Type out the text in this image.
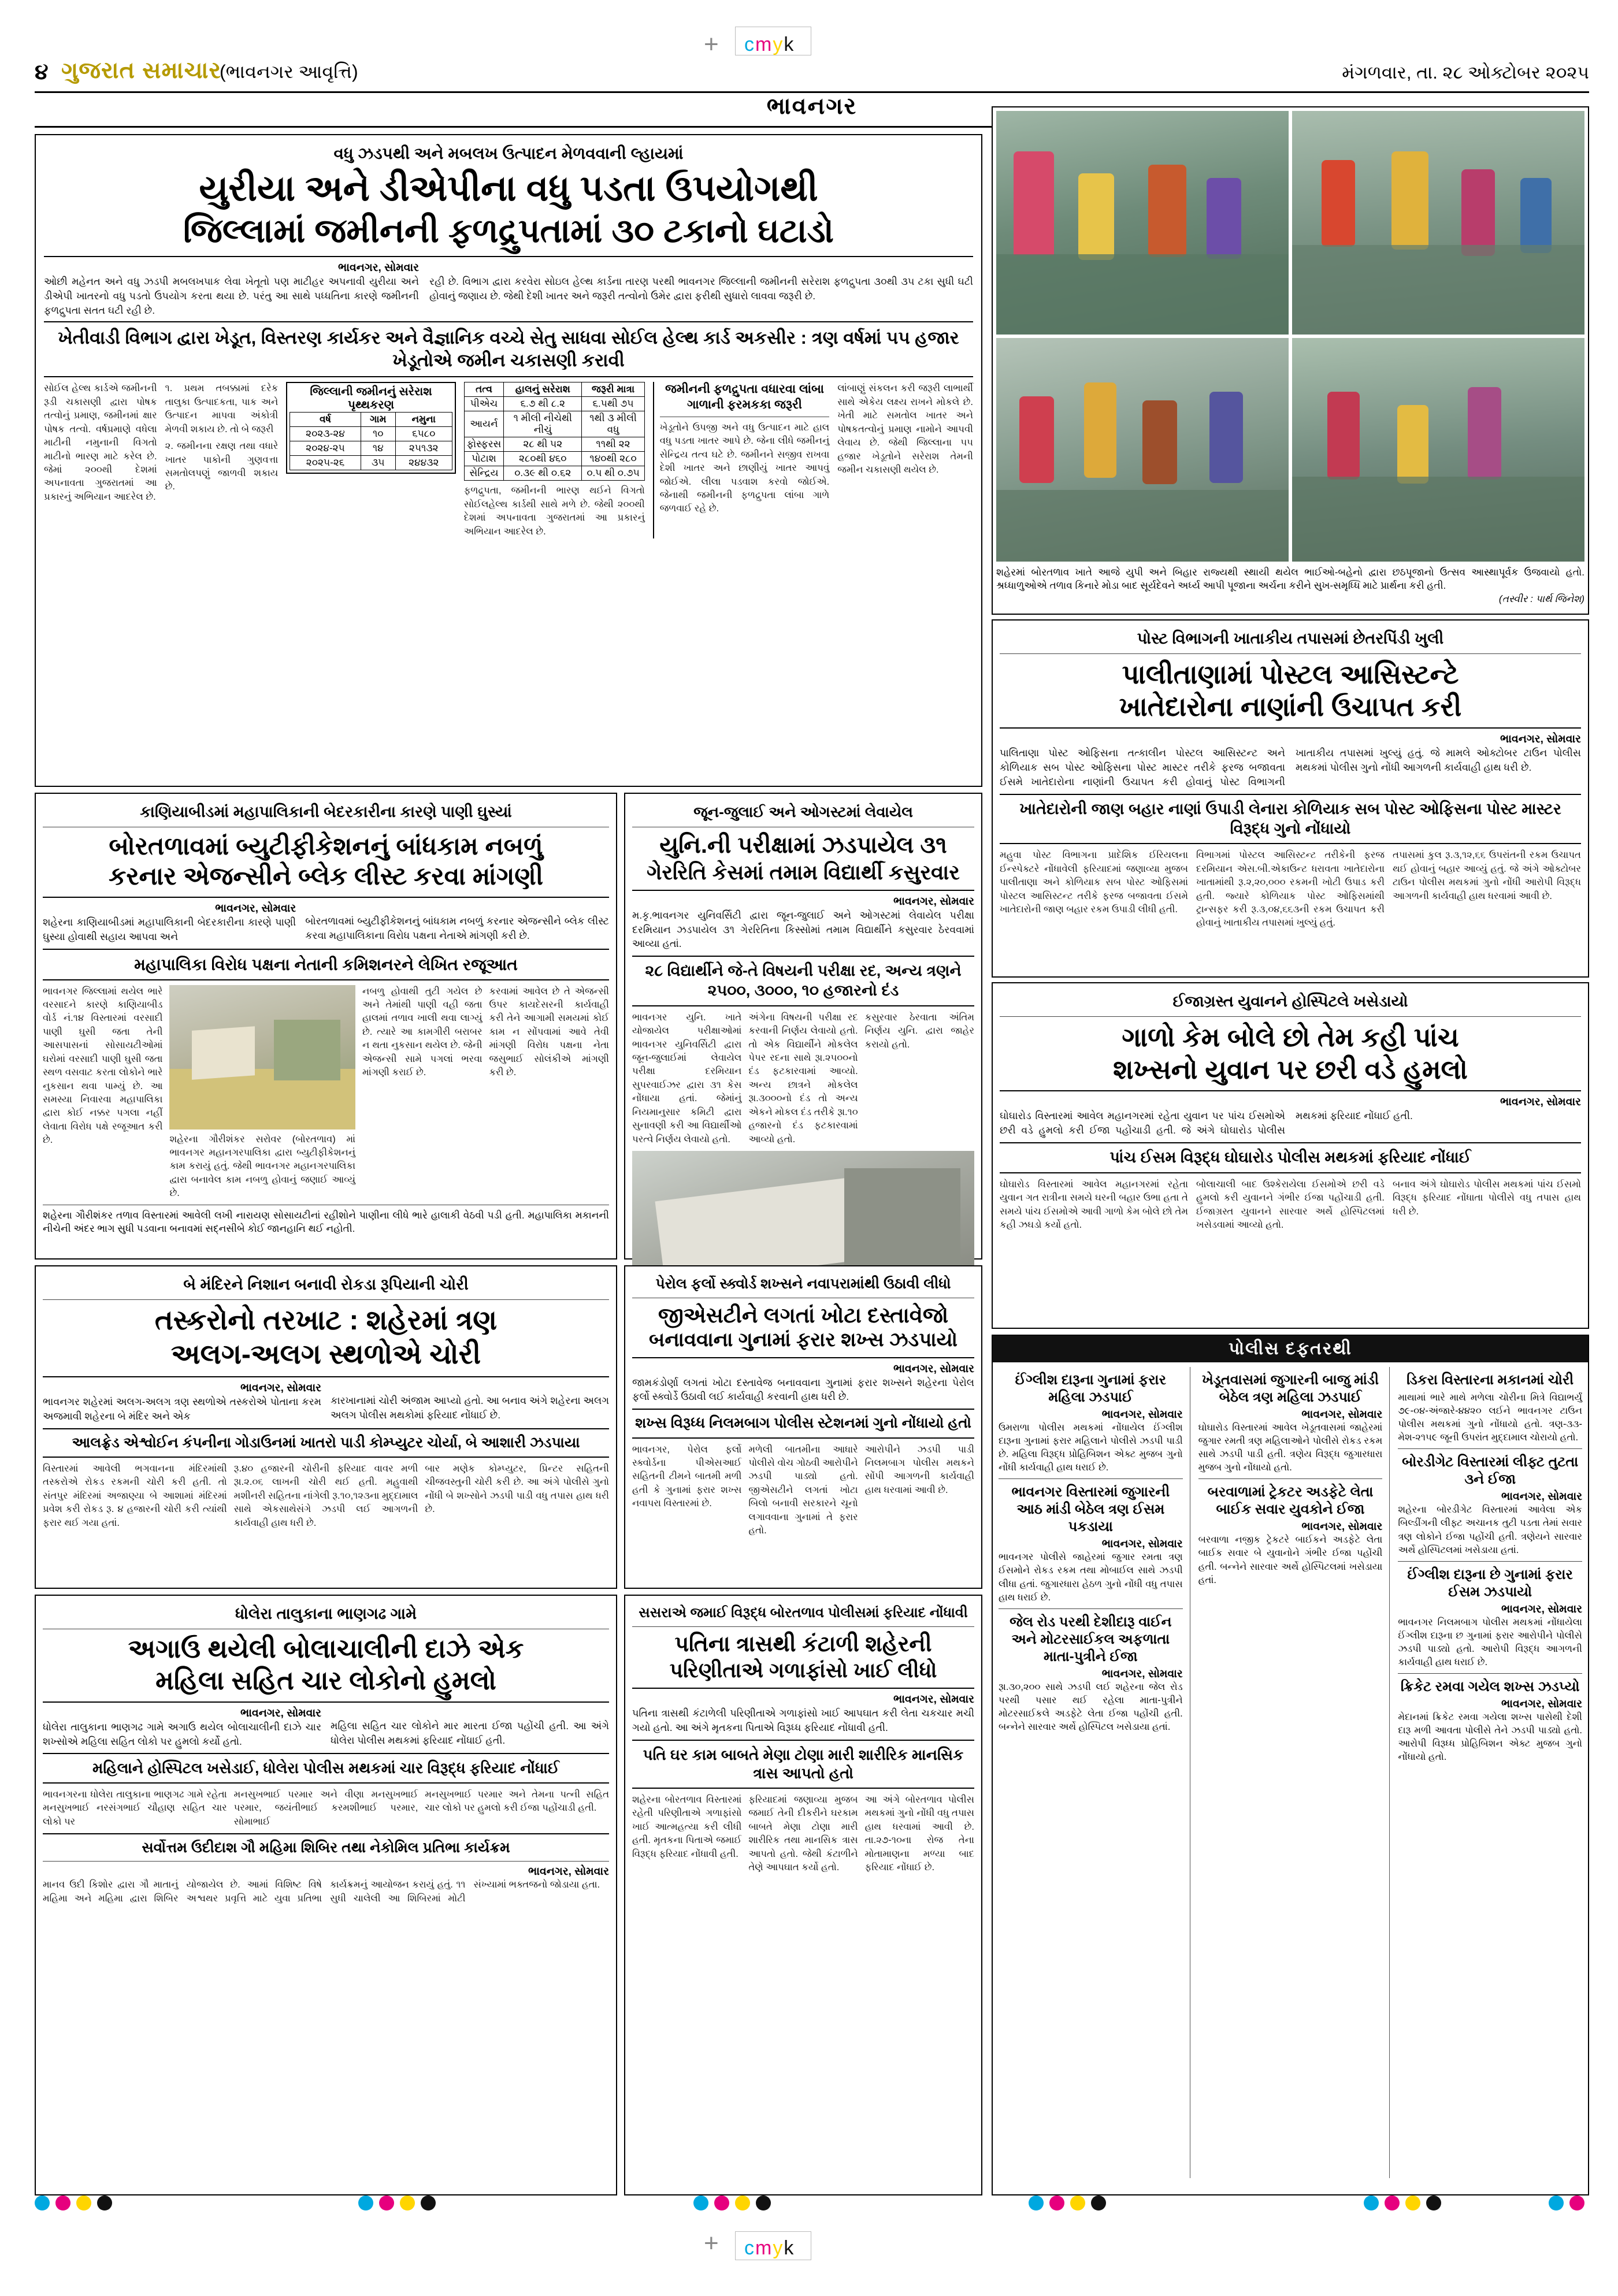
+ cmyk
૪ ગુજરાત સમાચાર
(ભાવનગર આવૃત્તિ)	મંગળવાર, તા. ૨૮ ઓક્ટોબર ૨૦૨૫
ભાવનગર
વધુ ઝડપથી અને મબલખ ઉત્પાદન મેળવવાની લ્હાયમાં
યુરીયા અને ડીએપીના વધુ પડતા ઉપયોગથી
જિલ્લામાં જમીનની ફળદ્રુપતામાં ૩૦ ટકાનો ઘટાડો
ભાવનગર, સોમવાર
ઓછી મહેનત અને વધુ ઝડપી મબલખપાક લેવા ખેતૂતો પણ માટીહર અપનાવી યુરીયા અને ડીએપી ખાતરનો વધુ પડતો ઉપયોગ કરતા થયા છે. પરંતુ આ સાથે પધ્ધતિના કારણે જમીનની ફળદ્રુપતા સતત ઘટી રહી છે.
રહી છે. વિભાગ દ્વારા કરવેરા સોઇલ હેલ્થ કાર્ડના તારણ પરથી ભાવનગર જિલ્લાની જમીનની સરેરાશ ફળદ્રુપતા ૩૦થી ૩૫ ટકા સુધી ઘટી હોવાનું જણાય છે. જેથી દેશી ખાતર અને જરૂરી તત્વોનો ઉમેર દ્વારા ફરીથી સુધારો લાવવા જરૂરી છે.
ખેતીવાડી વિભાગ દ્વારા ખેડૂત, વિસ્તરણ કાર્યકર અને વૈજ્ઞાનિક વચ્ચે સેતુ સાધવા સોઈલ હેલ્થ કાર્ડ અકસીર : ત્રણ વર્ષમાં ૫૫ હજાર ખેડૂતોએ જમીન ચકાસણી કરાવી
સોઈલ હેલ્થ કાર્ડએ જમીનની રૂડી ચકાસણી દ્વારા પોષક તત્વોનું પ્રમાણ, જમીનમાં ક્ષાર પોષક તત્વો. વર્ષપ્રમાણે વધેલા માટીની નમુનાની વિગતો માટીનો ભારણ માટે કરેલ છે. જેમાં ૨૦૦થી દેશમાં અપનાવતા ગુજરાતમાં આ પ્રકારનું અભિયાન આદરેલ છે.
૧. પ્રથમ તબક્કામાં દરેક તાલુકા ઉત્પાદકતા, પાક અને ઉત્પાદન માપવા અંકોત્રી મેળવી શકાય છે. તો બે જરૂરી
૨. જમીનના રક્ષણ તથા વધારે ખાતર પાકોની ગુણવત્તા સમતોલપણું જાળવી શકાય છે.
જિલ્લાની જમીનનું સરેરાશ પૃથ્થકરણ
વર્ષ	ગામ	નમુના
૨૦૨૩-૨૪	૧૦	૬૫૮૦
૨૦૨૪-૨૫	૧૪	૨૫૧૩૨
૨૦૨૫-૨૬	૩૫	૨૪૪૩૨
તત્વ	હાલનું સરેરાશ	જરૂરી માત્રા
પીએચ	૬.૭ થી ૮.૨	૬.૫થી ૭૫
આયર્ન	૧ મીલી નીચેથી નીચું	૧થી ૩ મીલી વધુ
ફોસ્ફરસ	૨૮ થી ૫૨	૧૧થી ૨૨
પોટાશ	૨૮૦થી ૪૬૦	૧૪૦થી ૨૮૦
સેન્દ્રિય	૦.૩૯ થી ૦.૬૨	૦.૫ થી ૦.૭૫
ફળદ્રુપતા, જમીનની ભારણ થઈને વિગતો સોઈલહેલ્થ કાર્ડથી સાથે મળે છે. જેથી ૨૦૦થી દેશમાં અપનાવતા ગુજરાતમાં આ પ્રકારનું અભિયાન આદરેલ છે.
જમીનની ફળદ્રુપતા વધારવા લાંબા ગાળાની ફરમકકા જરૂરી
ખેડૂતોને ઉપજી અને વધુ ઉત્પાદન માટે હાલ વધુ પડતા ખાતર આપે છે. જેના લીધે જમીનનું સેન્દ્રિય તત્વ ઘટે છે. જમીનને સજીવ રાખવા દેશી ખાતર અને છાણીયું ખાતર આપવું જોઈએ. લીલા પડવાશ કરવો જોઈએ. જેનાથી જમીનની ફળદ્રુપતા લાંબા ગાળે જળવાઈ રહે છે.
લાંબાણું સંકલન કરી જરૂરી લાભાર્થી સાથે એકેય લક્ષ્ય રાખને મોકલે છે. ખેતી માટે સમતોલ ખાતર અને પોષકતત્વોનું પ્રમાણ નામોને આપવી લેવાય છે. જેથી જિલ્લાના ૫૫ હજાર ખેડૂતોને સરેરાશ તેમની જમીન ચકાસણી થયેલ છે.
શહેરમાં બોરતળાવ ખાતે આજે યુપી અને બિહાર રાજ્યથી સ્થાયી થયેલ ભાઈઓ-બહેનો દ્વારા છઠપૂજાનો ઉત્સવ આસ્થાપૂર્વક ઉજવાયો હતો. શ્રધ્ધાળુઓએ તળાવ કિનારે મોડા બાદ સૂર્યદેવને અર્ધ્ય આપી પૂજાના અર્ચના કરીને સુખ-સમૃધ્ધિ માટે પ્રાર્થના કરી હતી.
(તસ્વીર : પાર્થ જિનેશ)
પોસ્ટ વિભાગની ખાતાકીય તપાસમાં છેતરપિંડી ખુલી
પાલીતાણામાં પોસ્ટલ આસિસ્ટન્ટે
ખાતેદારોના નાણાંની ઉચાપત કરી
ભાવનગર, સોમવાર
પાલિતાણા પોસ્ટ ઓફિસના તત્કાલીન પોસ્ટલ આસિસ્ટન્ટ અને કોળિયાક સબ પોસ્ટ ઓફિસના પોસ્ટ માસ્ટર તરીકે ફરજ બજાવતા ઈસમે ખાતેદારોના નાણાંની ઉચાપત કરી હોવાનું પોસ્ટ વિભાગની ખાતાકીય તપાસમાં ખુલ્યું હતું. જે મામલે ઓક્ટોબર ટાઉન પોલીસ મથકમાં પોલીસ ગુનો નોંધી આગળની કાર્યવાહી હાથ ધરી છે.
ખાતેદારોની જાણ બહાર નાણાં ઉપાડી લેનારા કોળિયાક સબ પોસ્ટ ઓફિસના પોસ્ટ માસ્ટર વિરૂદ્ધ ગુનો નોંધાયો
મહુવા પોસ્ટ વિભાગના પ્રાદેશિક ઈરિયલના ઈન્સ્પેક્ટરે નોંધાવેલી ફરિયાદમાં જણાવ્યા મુજબ પાલીતાણા અને કોળિયાક સબ પોસ્ટ ઓફિસમાં પોસ્ટલ આસિસ્ટન્ટ તરીકે ફરજ બજાવતા ઈસમે ખાતેદારોની જાણ બહાર રકમ ઉપાડી લીધી હતી.
વિભાગમાં પોસ્ટલ આસિસ્ટન્ટ તરીકેની ફરજ દરમિયાન એસ.બી.એકાઉન્ટ ધરાવતા ખાતેદારોના ખાતામાંથી રૂ.૨,૨૦,૦૦૦ રકમની ખોટી ઉપાડ કરી હતી. જ્યારે કોળિયાક પોસ્ટ ઓફિસમાંથી ટ્રાન્સફર કરી રૂ.૩,૦૪,૬૬૩ની રકમ ઉચાપત કરી હોવાનું ખાતાકીય તપાસમાં ખુલ્યું હતું.
તપાસમાં કુલ રૂ.૩,૧૨,૬૬ ઉપરાંતની રકમ ઉચાપત થઈ હોવાનું બહાર આવ્યું હતું. જે અંગે ઓક્ટોબર ટાઉન પોલીસ મથકમાં ગુનો નોંધી આરોપી વિરૂદ્ધ આગળની કાર્યવાહી હાથ ધરવામાં આવી છે.
ઈજાગ્રસ્ત યુવાનને હોસ્પિટલે ખસેડાયો
ગાળો કેમ બોલે છો તેમ કહી પાંચ
શખ્સનો યુવાન પર છરી વડે હુમલો
ભાવનગર, સોમવાર
ઘોઘારોડ વિસ્તારમાં આવેલ મહાનગરમાં રહેતા યુવાન પર પાંચ ઈસમોએ છરી વડે હુમલો કરી ઈજા પહોંચાડી હતી. જે અંગે ઘોઘારોડ પોલીસ મથકમાં ફરિયાદ નોંધાઈ હતી.
પાંચ ઈસમ વિરૂદ્ધ ઘોઘારોડ પોલીસ મથકમાં ફરિયાદ નોંધાઈ
ઘોઘારોડ વિસ્તારમાં આવેલ મહાનગરમાં રહેતા યુવાન ગત રાત્રીના સમયે ઘરની બહાર ઉભા હતા તે સમયે પાંચ ઈસમોએ આવી ગાળો કેમ બોલે છો તેમ કહી ઝઘડો કર્યો હતો.
બોલાચાલી બાદ ઉશ્કેરાયેલા ઈસમોએ છરી વડે હુમલો કરી યુવાનને ગંભીર ઈજા પહોંચાડી હતી. ઈજાગ્રસ્ત યુવાનને સારવાર અર્થે હોસ્પિટલમાં ખસેડવામાં આવ્યો હતો.
બનાવ અંગે ઘોઘારોડ પોલીસ મથકમાં પાંચ ઈસમો વિરૂદ્ધ ફરિયાદ નોંધાતા પોલીસે વધુ તપાસ હાથ ધરી છે.
કાણિયાબીડમાં મહાપાલિકાની બેદરકારીના કારણે પાણી ઘુસ્યાં
બોરતળાવમાં બ્યુટીફીકેશનનું બાંધકામ નબળું
કરનાર એજન્સીને બ્લેક લીસ્ટ કરવા માંગણી
ભાવનગર, સોમવાર
શહેરના કાણિયાબીડમાં મહાપાલિકાની બેદરકારીના કારણે પાણી ઘુસ્યા હોવાથી સહાય આપવા અને
બોરતળાવમાં બ્યુટીફીકેશનનું બાંધકામ નબળું કરનાર એજન્સીને બ્લેક લીસ્ટ કરવા મહાપાલિકાના વિરોધ પક્ષના નેતાએ માંગણી કરી છે.
મહાપાલિકા વિરોધ પક્ષના નેતાની કમિશનરને લેખિત રજૂઆત
ભાવનગર જિલ્લામાં થયેલ ભારે વરસાદને કારણે કાણિયાબીડ વોર્ડ નં.૧૪ વિસ્તારમાં વરસાદી પાણી ઘુસી જતા તેની આસપાસનાં સોસાયટીઓમાં ઘરોમાં વરસાદી પાણી ઘુસી જતા સ્થળ વસવાટ કરતા લોકોને ભારે નુકસાન થવા પામ્યું છે. આ સમસ્યા નિવારવા મહાપાલિકા દ્વારા કોઈ નક્કર પગલા નહીં લેવાતા વિરોધ પક્ષે રજૂઆત કરી છે.	શહેરના ગૌરીશંકર સરોવર (બોરતળાવ) માં ભાવનગર મહાનગરપાલિકા દ્વારા બ્યુટીફીકેશનનું કામ કરાયું હતું. જેથી ભાવનગર મહાનગરપાલિકા દ્વારા બનાવેલ કામ નબળુ હોવાનું જણાઈ આવ્યું છે.
નબળુ હોવાથી તુટી ગયેલ છે અને તેમાંથી પાણી વહી જતા હાલમાં તળાવ ખાલી થવા લાગ્યું છે. ત્યારે આ કામગીરી બરાબર ન થતા નુકસાન થયેલ છે. જેની એજન્સી સામે પગલાં ભરવા માંગણી કરાઈ છે.
કરવામાં આવેલ છે તે એજન્સી ઉપર કાયદેસરની કાર્યવાહી કરી તેને આગામી સમયમાં કોઈ કામ ન સોંપવામાં આવે તેવી માંગણી વિરોધ પક્ષના નેતા જસુભાઈ સોલંકીએ માંગણી કરી છે.
શહેરના ગૌરીશંકર તળાવ વિસ્તારમાં આવેલી લખી નારાયણ સોસાયટીનાં રહીશોને પાણીના લીધે ભારે હાલાકી વેઠવી પડી હતી. મહાપાલિકા મકાનની નીચેની અંદર ભાગ સુધી પડવાના બનાવમાં સદ્નસીબે કોઈ જાનહાનિ થઈ નહોતી.
જૂન-જુલાઈ અને ઓગસ્ટમાં લેવાયેલ
યુનિ.ની પરીક્ષામાં ઝડપાયેલ ૩૧
ગેરરિતિ કેસમાં તમામ વિદ્યાર્થી કસુરવાર
ભાવનગર, સોમવાર
મ.કૃ.ભાવનગર યુનિવર્સિટી દ્વારા જૂન-જુલાઈ અને ઓગસ્ટમાં લેવાયેલ પરીક્ષા દરમિયાન ઝડપાયેલ ૩૧ ગેરરિતિના કિસ્સોમાં તમામ વિદ્યાર્થીને કસુરવાર ઠેરવવામાં આવ્યા હતાં.
૨૮ વિદ્યાર્થીને જે-તે વિષયની પરીક્ષા રદ, અન્ય ત્રણને ૨૫૦૦, ૩૦૦૦, ૧૦ હજારનો દંડ
ભાવનગર યુનિ. ખાતે યોજાયેલ પરીક્ષાઓમાં ભાવનગર યુનિવર્સિટી દ્વારા જૂન-જુલાઈમાં લેવાયેલ પરીક્ષા દરમિયાન સુપરવાઈઝર દ્વારા ૩૧ કેસ નોંધાયા હતાં. જેમાંનું નિયમાનુસાર કમિટી દ્વારા સુનાવણી કરી આ વિદ્યાર્થીઓ પરત્વે નિર્ણય લેવાયો હતો.
અંગેના વિષયની પરીક્ષા રદ કરવાની નિર્ણય લેવાયો હતો. તો એક વિદ્યાર્થીને મોકલેલ પેપર રદના સાથે રૂા.૨૫૦૦નો દંડ ફટકારવામાં આવ્યો. અન્ય છાત્રને મોકલેલ રૂા.૩૦૦૦નો દંડ તો અન્ય એકને મોકલ દંડ તરીકે રૂા.૧૦ હજારનો દંડ ફટકારવામાં આવ્યો હતો.
કસુરવાર ઠેરવાતા અંતિમ નિર્ણય યુનિ. દ્વારા જાહેર કરાયો હતો.
બે મંદિરને નિશાન બનાવી રોકડા રૂપિયાની ચોરી
તસ્કરોનો તરખાટ : શહેરમાં ત્રણ
અલગ-અલગ સ્થળોએ ચોરી
ભાવનગર, સોમવાર
ભાવનગર શહેરમાં અલગ-અલગ ત્રણ સ્થળોએ તસ્કરોએ પોતાના કરમ અજમાવી શહેરના બે મંદિર અને એક
કારખાનામાં ચોરી અંજામ આપ્યો હતો. આ બનાવ અંગે શહેરના અલગ અલગ પોલીસ મથકોમાં ફરિયાદ નોંધાઈ છે.
આલફ્રેડ એશ્વોઈન કંપનીના ગોડાઉનમાં ખાતરો પાડી કોમ્પ્યુટર ચોર્યા, બે આશારી ઝડપાયા
વિસ્તારમાં આવેલી ભગવાનના મંદિરમાંથી તસ્કરોએ રોકડ રકમની ચોરી કરી હતી. તો સંતપુર મંદિરમાં અજાણ્યા બે આશામાં મંદિરમાં પ્રવેશ કરી રોકડ રૂ. ૪ હજારની ચોરી કરી ત્યાંથી ફરાર થઈ ગયા હતાં.
રૂ.૪૦ હજારની ચોરીની ફરિયાદ વાવર મળી રૂા.૨.૦૬ લાખની ચોરી થઈ હતી. મહુવાથી મશીનરી સહિતના નાંગેલી રૂ.૧૦,૧૨૩ના મુદ્દામાલ સાથે એકસાથેસંગે ઝડપી લઈ આગળની કાર્યવાહી હાથ ધરી છે.
બાર મણેક કોમ્પ્યુટર, પ્રિન્ટર સહિતની ચીજવસ્તુની ચોરી કરી છે. આ અંગે પોલીસે ગુનો નોંધી બે શખ્સોને ઝડપી પાડી વધુ તપાસ હાથ ધરી છે.
પેરોલ ફર્લો સ્ક્વોર્ડ શખ્સને નવાપરામાંથી ઉઠાવી લીધો
જીએસટીને લગતાં ખોટા દસ્તાવેજો
બનાવવાના ગુનામાં ફરાર શખ્સ ઝડપાયો
ભાવનગર, સોમવાર
જામકંડોર્ણા લગતાં ખોટા દસ્તાવેજ બનાવવાના ગુનામાં ફરાર શખ્સને શહેરના પેરોલ ફર્લો સ્ક્વોર્ડે ઉઠાવી લઈ કાર્યવાહી કરવાની હાથ ધરી છે.
શખ્સ વિરૂધ્ધ નિલમબાગ પોલીસ સ્ટેશનમાં ગુનો નોંધાયો હતો
ભાવનગર, પેરોલ ફર્લો સ્ક્વોર્ડના પીએસઆઈ સહિતની ટીમને બાતમી મળી હતી કે ગુનામાં ફરાર શખ્સ નવાપરા વિસ્તારમાં છે.
મળેલી બાતમીના આધારે પોલીસે વોચ ગોઠવી આરોપીને ઝડપી પાડ્યો હતો. જીએસટીને લગતાં ખોટા બિલો બનાવી સરકારને ચૂનો લગાવવાના ગુનામાં તે ફરાર હતો.
આરોપીને ઝડપી પાડી નિલમબાગ પોલીસ મથકને સોંપી આગળની કાર્યવાહી હાથ ધરવામાં આવી છે.
ધોલેરા તાલુકાના ભાણગઢ ગામે
અગાઉ થયેલી બોલાચાલીની દાઝે એક
મહિલા સહિત ચાર લોકોનો હુમલો
ભાવનગર, સોમવાર
ધોલેરા તાલુકાના ભાણગઢ ગામે અગાઉ થયેલ બોલાચાલીની દાઝે ચાર શખ્સોએ મહિલા સહિત લોકો પર હુમલો કર્યો હતો.
મહિલા સહિત ચાર લોકોને માર મારતા ઈજા પહોંચી હતી. આ અંગે ધોલેરા પોલીસ મથકમાં ફરિયાદ નોંધાઈ હતી.
મહિલાને હોસ્પિટલ ખસેડાઈ, ધોલેરા પોલીસ મથકમાં ચાર વિરૂદ્ધ ફરિયાદ નોંધાઈ
ભાવનગરના ધોલેરા તાલુકાના ભાણગઢ ગામે રહેતા મનસુખભાઈ નરસંગભાઈ ચૌહાણ સહિત ચાર લોકો પર
મનસુખભાઈ પરમાર અને વીણા મનસુખભાઈ પરમાર, જયંતીભાઈ કરમશીભાઈ પરમાર, સોમાભાઈ
મનસુખભાઈ પરમાર અને તેમના પત્ની સહિત ચાર લોકો પર હુમલો કરી ઈજા પહોંચાડી હતી.
સર્વોત્તમ ઉદીદાશ ગૌ મહિમા શિબિર તથા નેકોમિલ પ્રતિભા કાર્યક્રમ
ભાવનગર, સોમવાર
માનવ ઉદી કિશોર દ્વારા ગૌ માતાનું મહિમા અને મહિમા દ્વારા શિબિર યોજાયેલ છે. આમાં વિશિષ્ટ વિષે અશ્વથર પ્રવૃત્તિ માટે યુવા પ્રતિભા કાર્યક્રમનું આયોજન કરાયું હતું. ૧૧ સુધી ચાલેલી આ શિબિરમાં મોટી સંખ્યામાં ભક્તજનો જોડાયા હતા.
સસરાએ જમાઈ વિરૂદ્ધ બોરતળાવ પોલીસમાં ફરિયાદ નોંધાવી
પતિના ત્રાસથી કંટાળી શહેરની
પરિણીતાએ ગળાફાંસો ખાઈ લીધો
ભાવનગર, સોમવાર
પતિના ત્રાસથી કંટાળેલી પરિણીતાએ ગળાફાંસો ખાઈ આપઘાત કરી લેતા ચકચાર મચી ગયો હતો. આ અંગે મૃતકના પિતાએ વિરૂધ્ધ ફરિયાદ નોંધાવી હતી.
પતિ ઘર કામ બાબતે મેણા ટોણા મારી શારીરિક માનસિક ત્રાસ આપતો હતો
શહેરના બોરતળાવ વિસ્તારમાં રહેતી પરિણીતાએ ગળાફાંસો ખાઈ આત્મહત્યા કરી લીધી હતી. મૃતકના પિતાએ જમાઈ વિરૂદ્ધ ફરિયાદ નોંધાવી હતી.
ફરિયાદમાં જણાવ્યા મુજબ જમાઈ તેની દીકરીને ઘરકામ બાબતે મેણા ટોણા મારી શારીરિક તથા માનસિક ત્રાસ આપતો હતો. જેથી કંટાળીને તેણે આપઘાત કર્યો હતો.
આ અંગે બોરતળાવ પોલીસ મથકમાં ગુનો નોંધી વધુ તપાસ હાથ ધરવામાં આવી છે. તા.૨૭-૧૦ના રોજ તેના મોતામાણના મળ્યા બાદ ફરિયાદ નોંધાઈ છે.
પોલીસ દફતરથી
ઈંગ્લીશ દારૂના ગુનામાં ફરાર મહિલા ઝડપાઈ
ભાવનગર, સોમવાર
ઉમરાળા પોલીસ મથકમાં નોંધાયેલ ઈંગ્લીશ દારૂના ગુનામાં ફરાર મહિલાને પોલીસે ઝડપી પાડી છે. મહિલા વિરૂદ્ધ પ્રોહિબિશન એક્ટ મુજબ ગુનો નોંધી કાર્યવાહી હાથ ધરાઈ છે.
ભાવનગર વિસ્તારમાં જુગારની આઠ માંડી બેઠેલ ત્રણ ઈસમ પકડાયા
ભાવનગર, સોમવાર
ભાવનગર પોલીસે જાહેરમાં જુગાર રમતા ત્રણ ઈસમોને રોકડ રકમ તથા મોબાઈલ સાથે ઝડપી લીધા હતાં. જુગારધારા હેઠળ ગુનો નોંધી વધુ તપાસ હાથ ધરાઈ છે.
જેલ રોડ પરથી દેશીદારૂ વાઈન અને મોટરસાઈકલ અફળાતા માતા-પુત્રીને ઈજા
ભાવનગર, સોમવાર
રૂા.૩૦,૨૦૦ સાથે ઝડપી લઈ શહેરના જેલ રોડ પરથી પસાર થઈ રહેલા માતા-પુત્રીને મોટરસાઈકલે અડફેટે લેતા ઈજા પહોંચી હતી. બન્નેને સારવાર અર્થે હોસ્પિટલ ખસેડાયા હતાં.
ખેડૂતવાસમાં જુગારની બાજુ માંડી બેઠેલ ત્રણ મહિલા ઝડપાઈ
ભાવનગર, સોમવાર
ઘોઘારોડ વિસ્તારમાં આવેલ ખેડૂતવાસમાં જાહેરમાં જુગાર રમતી ત્રણ મહિલાઓને પોલીસે રોકડ રકમ સાથે ઝડપી પાડી હતી. ત્રણેય વિરૂદ્ધ જુગારધારા મુજબ ગુનો નોંધાયો હતો.
બરવાળામાં ટ્રેકટર અડફેટે લેતા બાઈક સવાર યુવકોને ઈજા
ભાવનગર, સોમવાર
બરવાળા નજીક ટ્રેકટરે બાઈકને અડફેટે લેતા બાઈક સવાર બે યુવાનોને ગંભીર ઈજા પહોંચી હતી. બન્નેને સારવાર અર્થે હોસ્પિટલમાં ખસેડાયા હતાં.
ડિકરા વિસ્તારના મકાનમાં ચોરી
માથામાં ભારે માથે મળેલા ચોરીના મિત્રે વિદ્યાભર્યું ૭૯-૦૪-અંજારે-૪૪૨૦ લઈને ભાવનગર ટાઉન પોલીસ મથકમાં ગુનો નોંધાયો હતો. ત્રણ-૩૩-મેશ-૨૧૫૯ જૂની ઉપરાંત મુદ્દામાલ ચોરાયો હતો.
બોરડીગેટ વિસ્તારમાં લીફ્ટ તુટતા ૩ને ઈજા
ભાવનગર, સોમવાર
શહેરના બોરડીગેટ વિસ્તારમાં આવેલા એક બિલ્ડીંગની લીફ્ટ અચાનક તુટી પડતા તેમાં સવાર ત્રણ લોકોને ઈજા પહોંચી હતી. ત્રણેયને સારવાર અર્થે હોસ્પિટલમાં ખસેડાયા હતાં.
ઈંગ્લીશ દારૂના છે ગુનામાં ફરાર ઈસમ ઝડપાયો
ભાવનગર, સોમવાર
ભાવનગર નિલમબાગ પોલીસ મથકમાં નોંધાયેલા ઈંગ્લીશ દારૂના છ ગુનામાં ફરાર આરોપીને પોલીસે ઝડપી પાડ્યો હતો. આરોપી વિરૂદ્ધ આગળની કાર્યવાહી હાથ ધરાઈ છે.
ક્રિકેટ રમવા ગયેલ શખ્સ ઝડપ્યો
ભાવનગર, સોમવાર
મેદાનમાં ક્રિકેટ રમવા ગયેલા શખ્સ પાસેથી દેશી દારૂ મળી આવતા પોલીસે તેને ઝડપી પાડ્યો હતો. આરોપી વિરૂધ્ધ પ્રોહિબિશન એક્ટ મુજબ ગુનો નોંધાયો હતો.
+ cmyk
